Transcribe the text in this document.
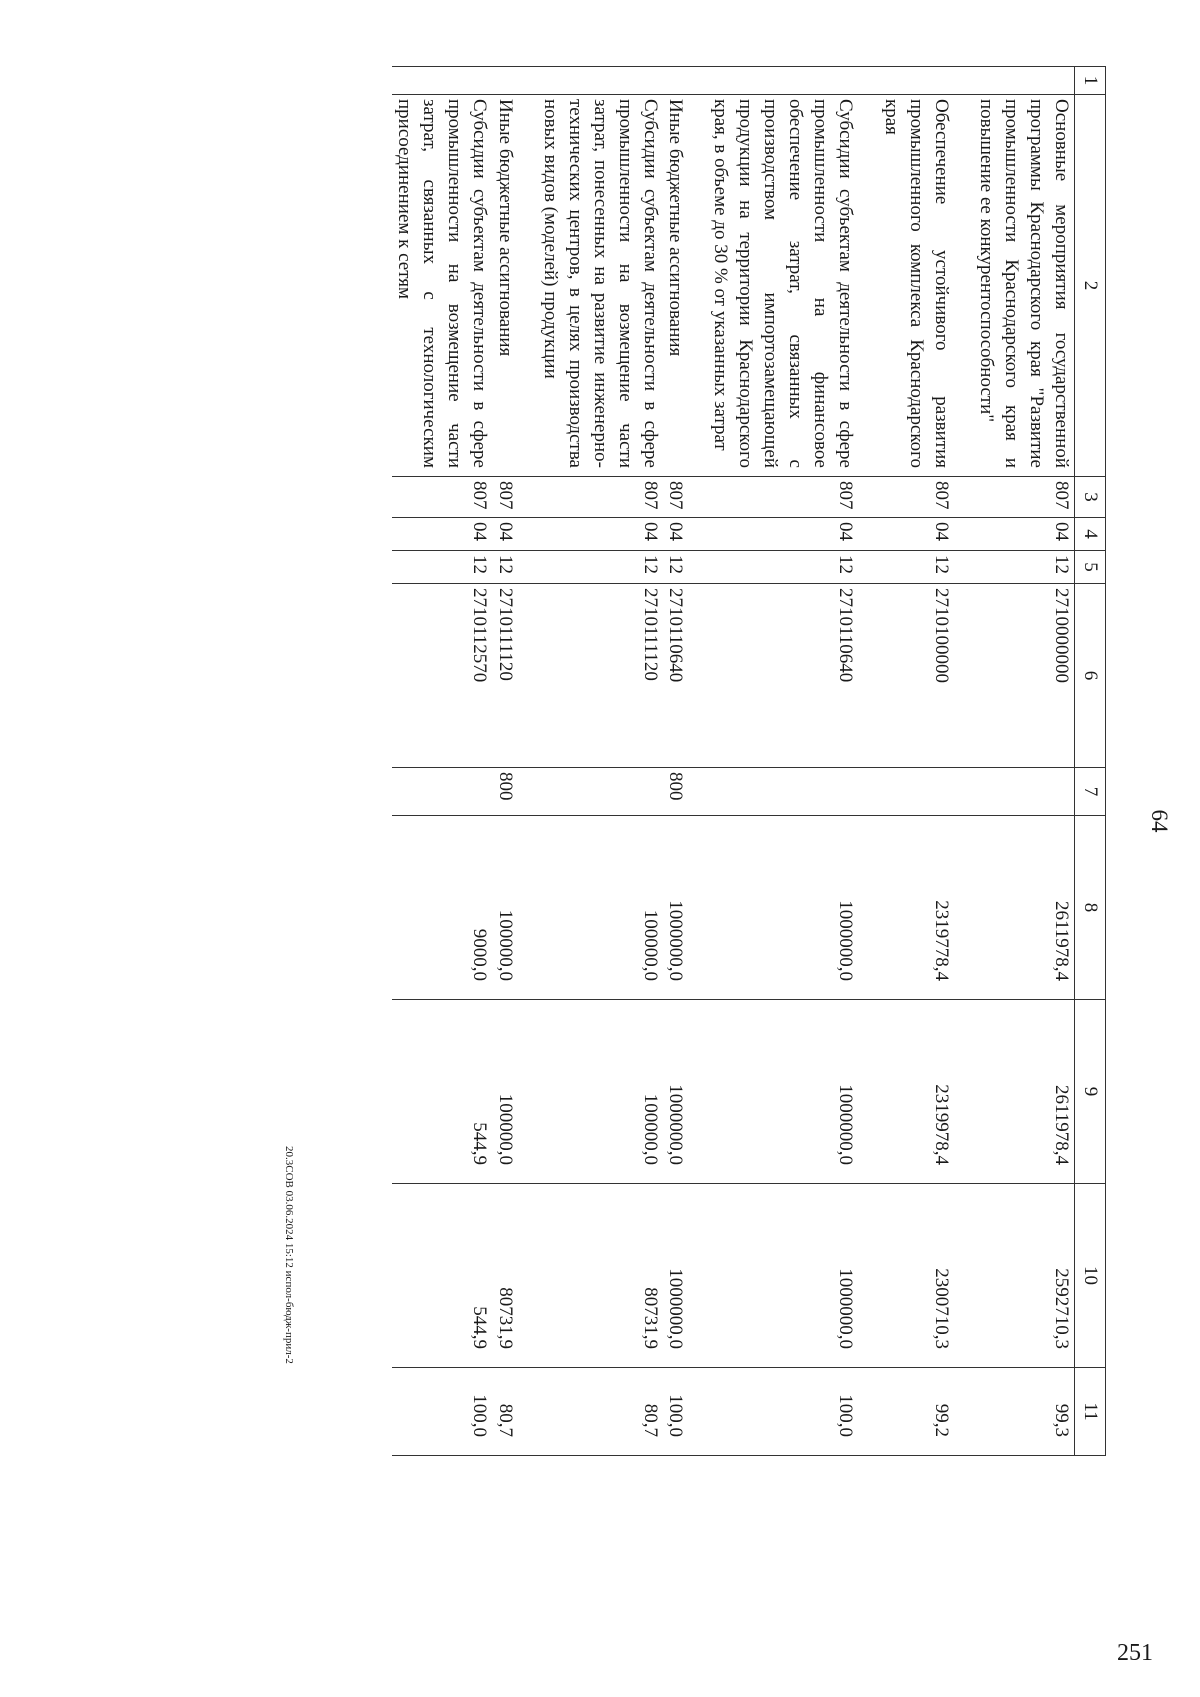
64
1	2	3	4	5	6	7	8	9	10	11
	Основные мероприятия государственной программы Краснодарского края "Развитие промышленности Краснодарского края и повышение ее конкурентоспособности"	807	04	12	2710000000		2611978,4	2611978,4	2592710,3	99,3

	Обеспечение устойчивого развития промышленного комплекса Краснодарского края	807	04	12	2710100000		2319778,4	2319978,4	2300710,3	99,2

	Субсидии субъектам деятельности в сфере промышленности на финансовое обеспечение затрат, связанных с производством импортозамещающей продукции на территории Краснодарского края, в объеме до 30 % от указанных затрат	807	04	12	2710110640		1000000,0	1000000,0	1000000,0	100,0

	Иные бюджетные ассигнования	807	04	12	2710110640	800	1000000,0	1000000,0	1000000,0	100,0
	Субсидии субъектам деятельности в сфере промышленности на возмещение части затрат, понесенных на развитие инженерно-технических центров, в целях производства новых видов (моделей) продукции	807	04	12	2710111120		100000,0	100000,0	80731,9	80,7

	Иные бюджетные ассигнования	807	04	12	2710111120	800	100000,0	100000,0	80731,9	80,7
	Субсидии субъектам деятельности в сфере промышленности на возмещение части затрат, связанных с технологическим присоединением к сетям	807	04	12	2710112570		9000,0	544,9	544,9	100,0
20.3СОВ 03.06.2024 15:12 испол-бюдж-прил-2
251
